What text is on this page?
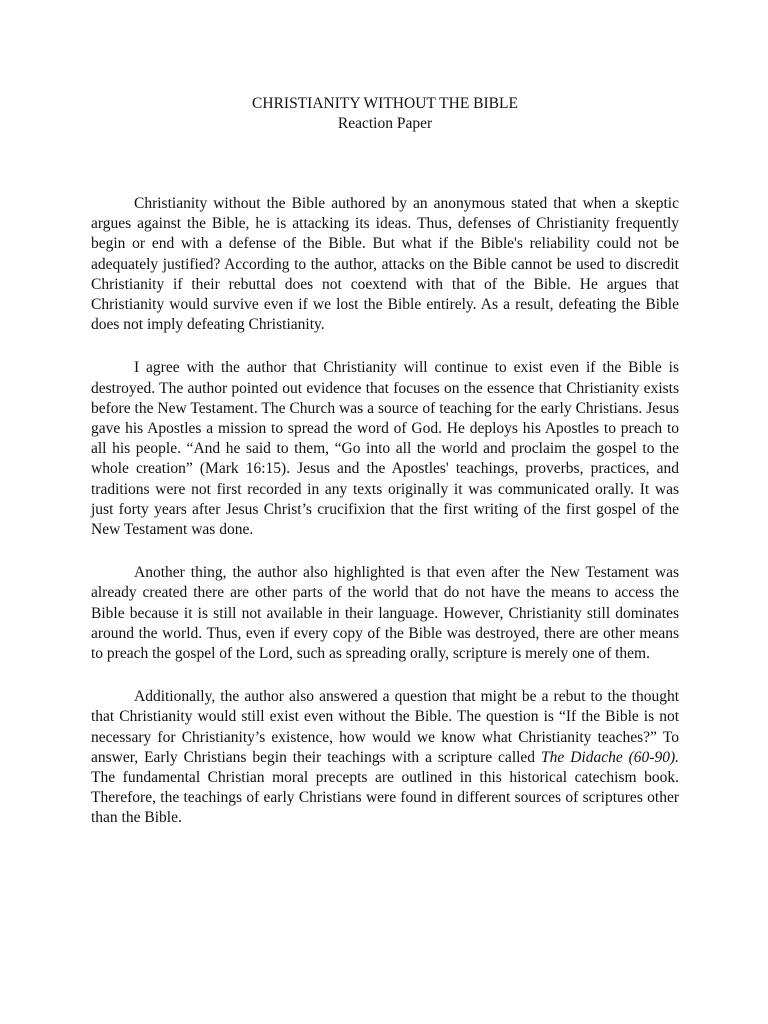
CHRISTIANITY WITHOUT THE BIBLE

Reaction Paper

Christianity without the Bible authored by an anonymous stated that when a skeptic argues against the Bible, he is attacking its ideas. Thus, defenses of Christianity frequently begin or end with a defense of the Bible. But what if the Bible's reliability could not be adequately justified? According to the author, attacks on the Bible cannot be used to discredit Christianity if their rebuttal does not coextend with that of the Bible. He argues that Christianity would survive even if we lost the Bible entirely. As a result, defeating the Bible does not imply defeating Christianity.

I agree with the author that Christianity will continue to exist even if the Bible is destroyed. The author pointed out evidence that focuses on the essence that Christianity exists before the New Testament. The Church was a source of teaching for the early Christians. Jesus gave his Apostles a mission to spread the word of God. He deploys his Apostles to preach to all his people. “And he said to them, “Go into all the world and proclaim the gospel to the whole creation” (Mark 16:15). Jesus and the Apostles' teachings, proverbs, practices, and traditions were not first recorded in any texts originally it was communicated orally. It was just forty years after Jesus Christ’s crucifixion that the first writing of the first gospel of the New Testament was done.

Another thing, the author also highlighted is that even after the New Testament was already created there are other parts of the world that do not have the means to access the Bible because it is still not available in their language. However, Christianity still dominates around the world. Thus, even if every copy of the Bible was destroyed, there are other means to preach the gospel of the Lord, such as spreading orally, scripture is merely one of them.

Additionally, the author also answered a question that might be a rebut to the thought that Christianity would still exist even without the Bible. The question is “If the Bible is not necessary for Christianity’s existence, how would we know what Christianity teaches?” To answer, Early Christians begin their teachings with a scripture called The Didache (60-90). The fundamental Christian moral precepts are outlined in this historical catechism book. Therefore, the teachings of early Christians were found in different sources of scriptures other than the Bible.
